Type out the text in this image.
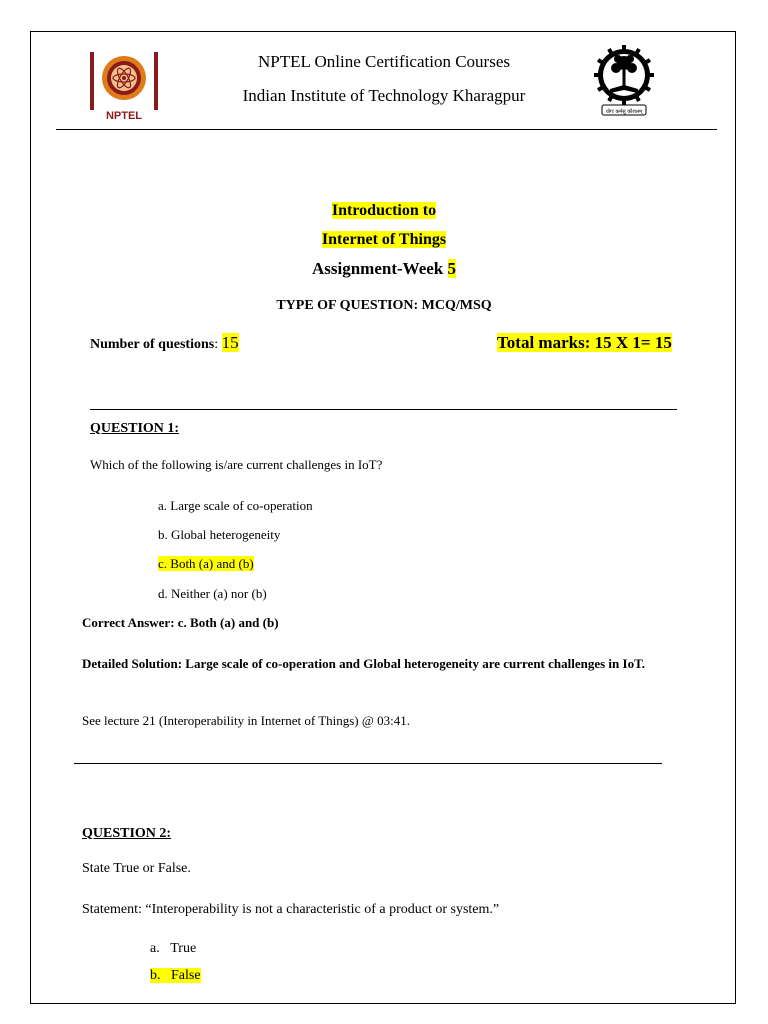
NPTEL
NPTEL Online Certification Courses
Indian Institute of Technology Kharagpur
योगः कर्मसु कौशलम्
Introduction to
Internet of Things
Assignment-Week 5
TYPE OF QUESTION: MCQ/MSQ
Number of questions: 15	Total marks: 15 X 1= 15
QUESTION 1:
Which of the following is/are current challenges in IoT?
a. Large scale of co-operation
b. Global heterogeneity
c. Both (a) and (b)
d. Neither (a) nor (b)
Correct Answer: c. Both (a) and (b)
Detailed Solution: Large scale of co-operation and Global heterogeneity are current challenges in IoT.
See lecture 21 (Interoperability in Internet of Things) @ 03:41.
QUESTION 2:
State True or False.
Statement: “Interoperability is not a characteristic of a product or system.”
a. True
b. False
